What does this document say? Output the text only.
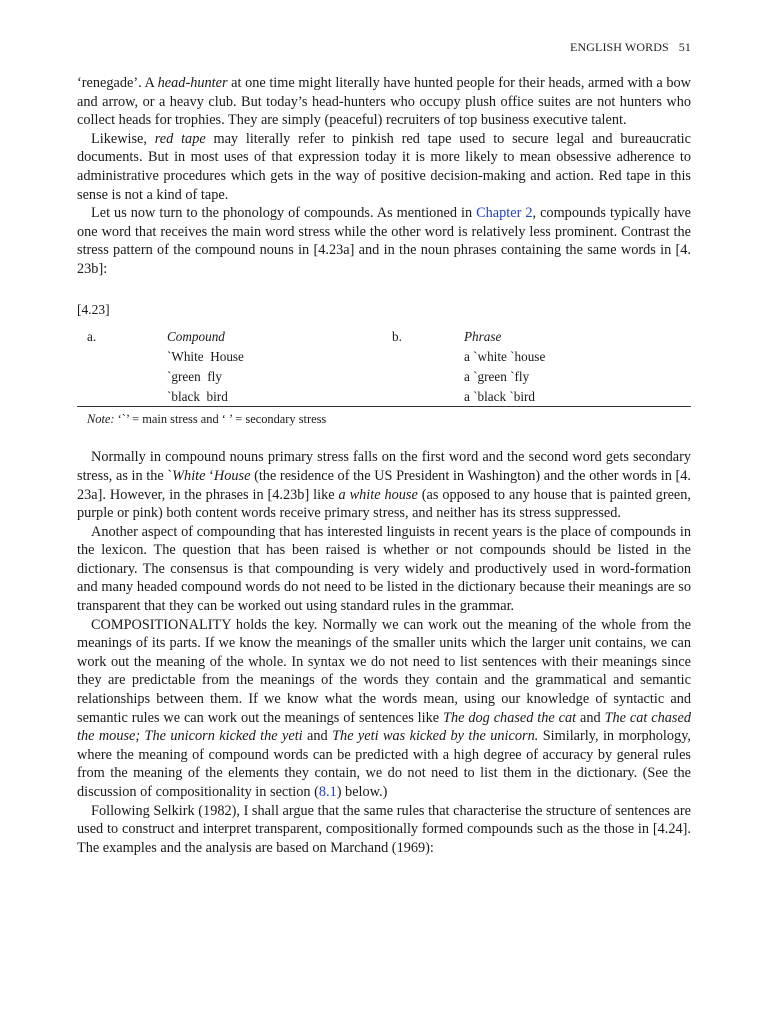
ENGLISH WORDS 51

‘renegade’. A head-hunter at one time might literally have hunted people for their heads, armed with a bow and arrow, or a heavy club. But today’s head-hunters who occupy plush office suites are not hunters who collect heads for trophies. They are simply (peaceful) recruiters of top business executive talent.

Likewise, red tape may literally refer to pinkish red tape used to secure legal and bureaucratic documents. But in most uses of that expression today it is more likely to mean obsessive adherence to administrative procedures which gets in the way of positive decision-making and action. Red tape in this sense is not a kind of tape.

Let us now turn to the phonology of compounds. As mentioned in Chapter 2, compounds typically have one word that receives the main word stress while the other word is relatively less prominent. Contrast the stress pattern of the compound nouns in [4.23a] and in the noun phrases containing the same words in [4. 23b]:

[4.23]
a.	Compound	b.	Phrase
	`White  House		a `white `house
	`green  fly		a `green `fly
	`black  bird		a `black `bird
Note: ‘`’ = main stress and ‘ ’ = secondary stress

Normally in compound nouns primary stress falls on the first word and the second word gets secondary stress, as in the `White ‘House (the residence of the US President in Washington) and the other words in [4. 23a]. However, in the phrases in [4.23b] like a white house (as opposed to any house that is painted green, purple or pink) both content words receive primary stress, and neither has its stress suppressed.

Another aspect of compounding that has interested linguists in recent years is the place of compounds in the lexicon. The question that has been raised is whether or not compounds should be listed in the dictionary. The consensus is that compounding is very widely and productively used in word-formation and many headed compound words do not need to be listed in the dictionary because their meanings are so transparent that they can be worked out using standard rules in the grammar.

COMPOSITIONALITY holds the key. Normally we can work out the meaning of the whole from the meanings of its parts. If we know the meanings of the smaller units which the larger unit contains, we can work out the meaning of the whole. In syntax we do not need to list sentences with their meanings since they are predictable from the meanings of the words they contain and the grammatical and semantic relationships between them. If we know what the words mean, using our knowledge of syntactic and semantic rules we can work out the meanings of sentences like The dog chased the cat and The cat chased the mouse; The unicorn kicked the yeti and The yeti was kicked by the unicorn. Similarly, in morphology, where the meaning of compound words can be predicted with a high degree of accuracy by general rules from the meaning of the elements they contain, we do not need to list them in the dictionary. (See the discussion of compositionality in section (8.1) below.)

Following Selkirk (1982), I shall argue that the same rules that characterise the structure of sentences are used to construct and interpret transparent, compositionally formed compounds such as the those in [4.24]. The examples and the analysis are based on Marchand (1969):
